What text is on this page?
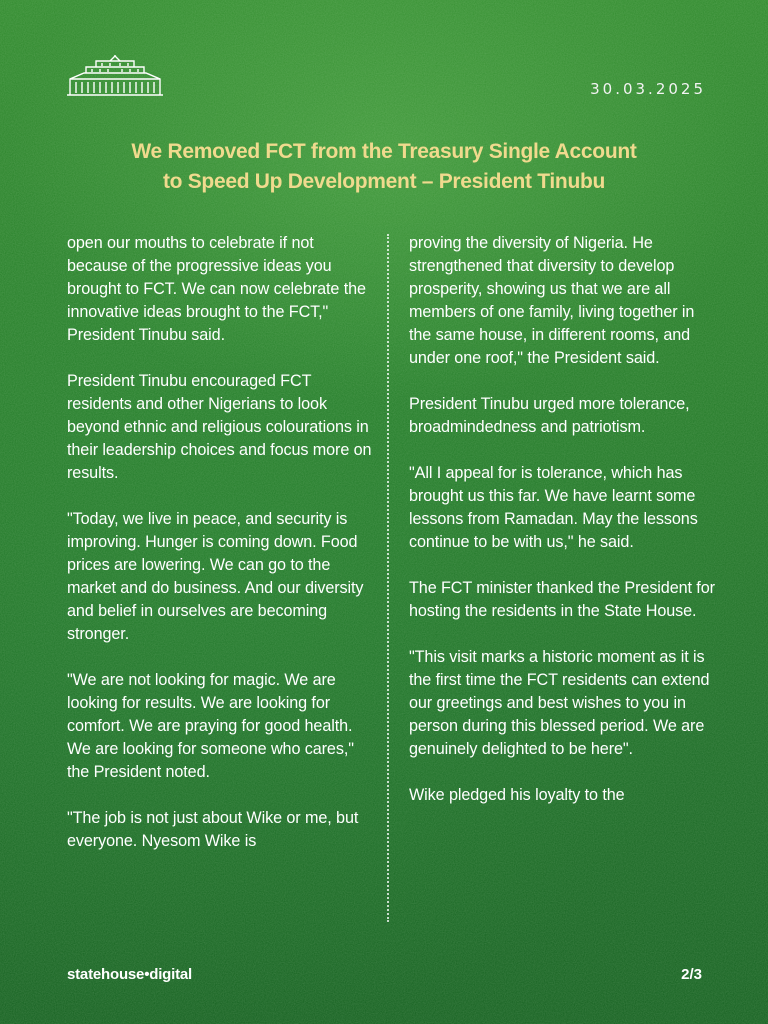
30.03.2025
We Removed FCT from the Treasury Single Account
to Speed Up Development – President Tinubu

open our mouths to celebrate if not because of the progressive ideas you brought to FCT. We can now celebrate the innovative ideas brought to the FCT," President Tinubu said.

President Tinubu encouraged FCT residents and other Nigerians to look beyond ethnic and religious colourations in their leadership choices and focus more on results.

"Today, we live in peace, and security is improving. Hunger is coming down. Food prices are lowering. We can go to the market and do business. And our diversity and belief in ourselves are becoming stronger.

"We are not looking for magic. We are looking for results. We are looking for comfort. We are praying for good health. We are looking for someone who cares," the President noted.

"The job is not just about Wike or me, but everyone. Nyesom Wike is

proving the diversity of Nigeria. He strengthened that diversity to develop prosperity, showing us that we are all members of one family, living together in the same house, in different rooms, and under one roof," the President said.

President Tinubu urged more tolerance, broadmindedness and patriotism.

"All I appeal for is tolerance, which has brought us this far. We have learnt some lessons from Ramadan. May the lessons continue to be with us," he said.

The FCT minister thanked the President for hosting the residents in the State House.

"This visit marks a historic moment as it is the first time the FCT residents can extend our greetings and best wishes to you in person during this blessed period. We are genuinely delighted to be here".

Wike pledged his loyalty to the

statehouse•digital	2/3
